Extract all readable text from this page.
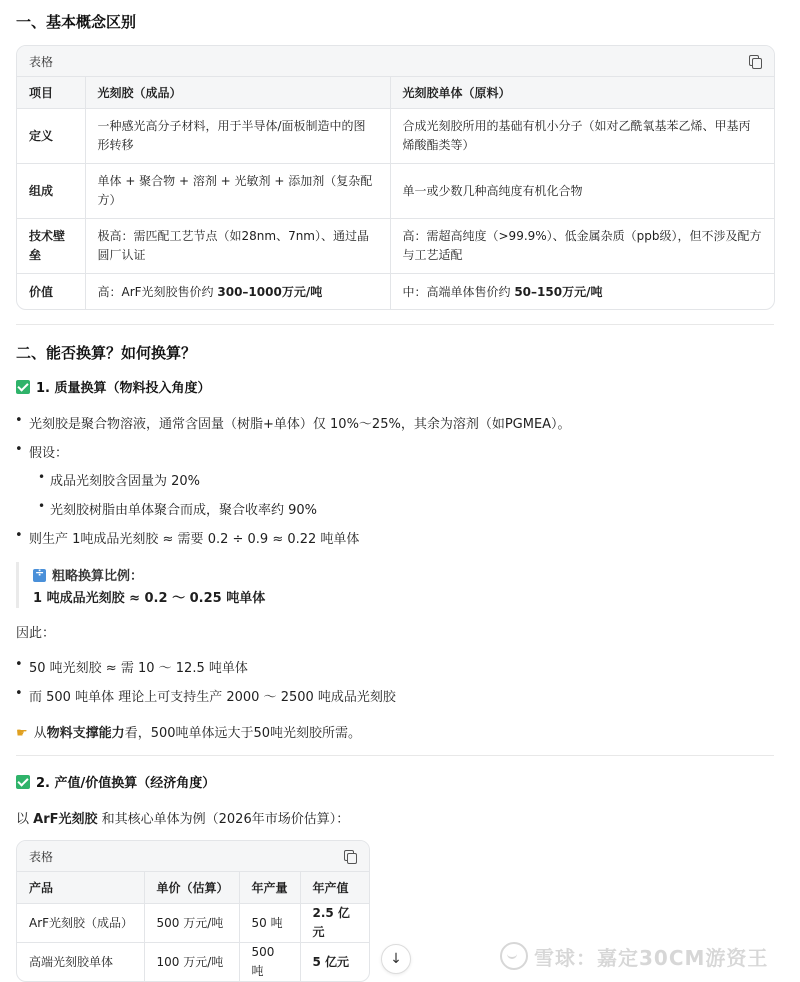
一、基本概念区别
表格
项目	光刻胶（成品）	光刻胶单体（原料）
定义	一种感光高分子材料，用于半导体/面板制造中的图形转移	合成光刻胶所用的基础有机小分子（如对乙酰氧基苯乙烯、甲基丙烯酸酯类等）
组成	单体 + 聚合物 + 溶剂 + 光敏剂 + 添加剂（复杂配方）	单一或少数几种高纯度有机化合物
技术壁垒	极高：需匹配工艺节点（如28nm、7nm）、通过晶圆厂认证	高：需超高纯度（>99.9%）、低金属杂质（ppb级），但不涉及配方与工艺适配
价值	高：ArF光刻胶售价约 300–1000万元/吨	中：高端单体售价约 50–150万元/吨
二、能否换算？如何换算？
1. 质量换算（物料投入角度）
• 光刻胶是聚合物溶液，通常含固量（树脂+单体）仅 10%～25%，其余为溶剂（如PGMEA）。
• 假设：
• 成品光刻胶含固量为 20%
• 光刻胶树脂由单体聚合而成，聚合收率约 90%
• 则生产 1吨成品光刻胶 ≈ 需要 0.2 ÷ 0.9 ≈ 0.22 吨单体
÷粗略换算比例：
1 吨成品光刻胶 ≈ 0.2 ～ 0.25 吨单体
因此：
• 50 吨光刻胶 ≈ 需 10 ～ 12.5 吨单体
• 而 500 吨单体 理论上可支持生产 2000 ～ 2500 吨成品光刻胶
☛ 从物料支撑能力看，500吨单体远大于50吨光刻胶所需。
2. 产值/价值换算（经济角度）
以 ArF光刻胶 和其核心单体为例（2026年市场价估算）：
表格
产品	单价（估算）	年产量	年产值
ArF光刻胶（成品）	500 万元/吨	50 吨	2.5 亿元
高端光刻胶单体	100 万元/吨	500 吨	5 亿元	↓	雪球：嘉定30CM游资王
